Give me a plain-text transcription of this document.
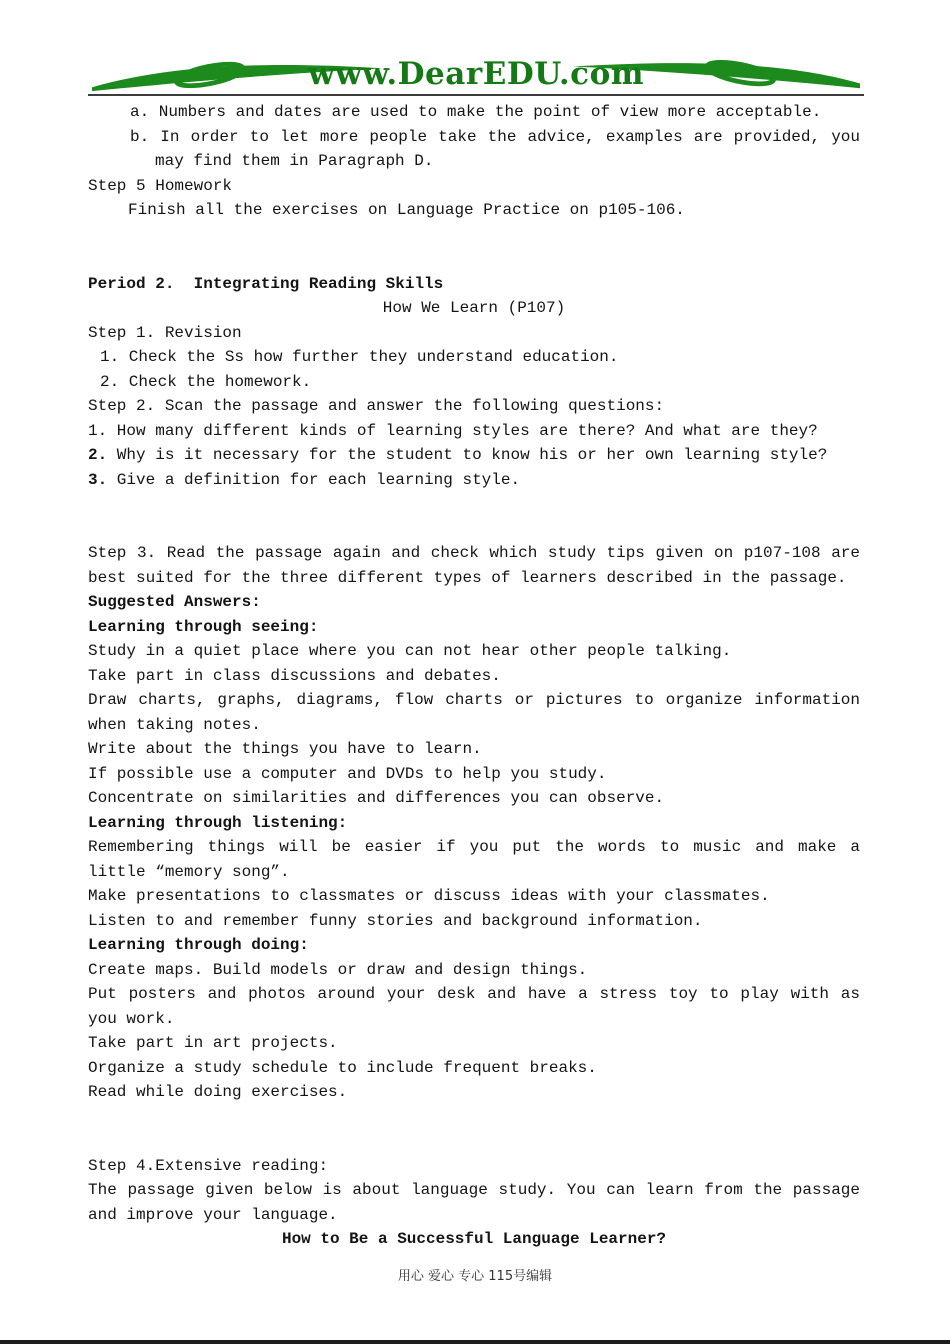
www.DearEDU.com

a. Numbers and dates are used to make the point of view more acceptable.

b. In order to let more people take the advice, examples are provided, you may find them in Paragraph D.

Step 5 Homework

Finish all the exercises on Language Practice on p105-106.

Period 2.  Integrating Reading Skills

How We Learn (P107)

Step 1. Revision

1. Check the Ss how further they understand education.

2. Check the homework.

Step 2. Scan the passage and answer the following questions:

1. How many different kinds of learning styles are there? And what are they?

2. Why is it necessary for the student to know his or her own learning style?

3. Give a definition for each learning style.

Step 3. Read the passage again and check which study tips given on p107-108 are best suited for the three different types of learners described in the passage.

Suggested Answers:

Learning through seeing:

Study in a quiet place where you can not hear other people talking.

Take part in class discussions and debates.

Draw charts, graphs, diagrams, flow charts or pictures to organize information when taking notes.

Write about the things you have to learn.

If possible use a computer and DVDs to help you study.

Concentrate on similarities and differences you can observe.

Learning through listening:

Remembering things will be easier if you put the words to music and make a little “memory song”.

Make presentations to classmates or discuss ideas with your classmates.

Listen to and remember funny stories and background information.

Learning through doing:

Create maps. Build models or draw and design things.

Put posters and photos around your desk and have a stress toy to play with as you work.

Take part in art projects.

Organize a study schedule to include frequent breaks.

Read while doing exercises.

Step 4.Extensive reading:

The passage given below is about language study. You can learn from the passage and improve your language.

How to Be a Successful Language Learner?

用心 爱心 专心 115号编辑
